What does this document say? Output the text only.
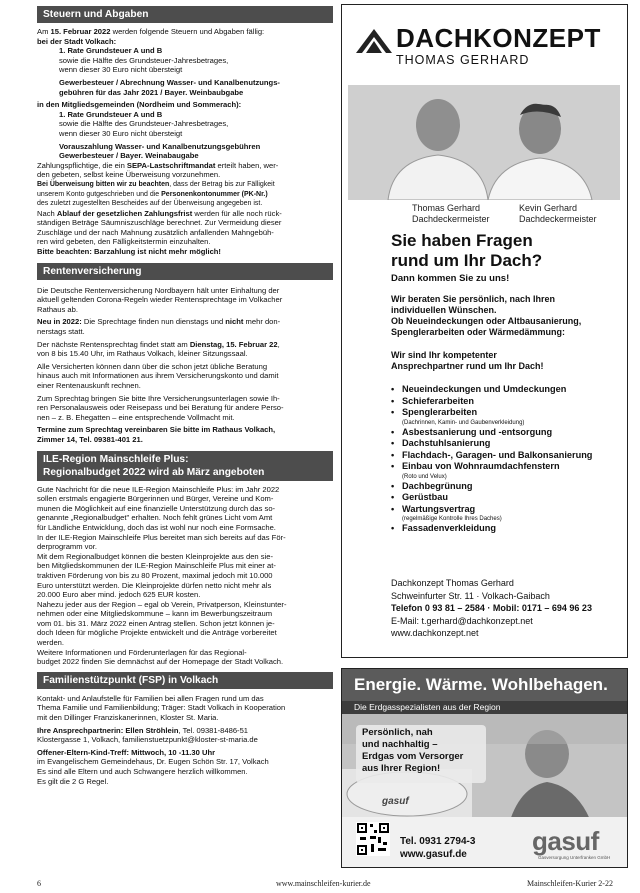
Steuern und Abgaben

Am 15. Februar 2022 werden folgende Steuern und Abgaben fällig:

bei der Stadt Volkach:

1. Rate Grundsteuer A und B

sowie die Hälfte des Grundsteuer-Jahresbetrages,

wenn dieser 30 Euro nicht übersteigt

Gewerbesteuer / Abrechnung Wasser- und Kanalbenutzungs-

gebühren für das Jahr 2021 / Bayer. Weinbaubgabe

in den Mitgliedsgemeinden (Nordheim und Sommerach):

1. Rate Grundsteuer A und B

sowie die Hälfte des Grundsteuer-Jahresbetrages,

wenn dieser 30 Euro nicht übersteigt

Vorauszahlung Wasser- und Kanalbenutzungsgebühren

Gewerbesteuer / Bayer. Weinabaugabe

Zahlungspflichtige, die ein SEPA-Lastschriftmandat erteilt haben, wer-

den gebeten, selbst keine Überweisung vorzunehmen.

Bei Überweisung bitten wir zu beachten, dass der Betrag bis zur Fälligkeit

unserem Konto gutgeschrieben und die Personenkontonummer (PK-Nr.)

des zuletzt zugestellten Bescheides auf der Überweisung angegeben ist.

Nach Ablauf der gesetzlichen Zahlungsfrist werden für alle noch rück-

ständigen Beträge Säumniszuschläge berechnet. Zur Vermeidung dieser

Zuschläge und der nach Mahnung zusätzlich anfallenden Mahngebüh-

ren wird gebeten, den Fälligkeitstermin einzuhalten.

Bitte beachten: Barzahlung ist nicht mehr möglich!

Rentenversicherung

Die Deutsche Rentenversicherung Nordbayern hält unter Einhaltung der

aktuell geltenden Corona-Regeln wieder Rentensprechtage im Volkacher

Rathaus ab.

Neu in 2022: Die Sprechtage finden nun dienstags und nicht mehr don-

nerstags statt.

Der nächste Rentensprechtag findet statt am Dienstag, 15. Februar 22,

von 8 bis 15.40 Uhr, im Rathaus Volkach, kleiner Sitzungssaal.

Alle Versicherten können dann über die schon jetzt übliche Beratung

hinaus auch mit Informationen aus ihrem Versicherungskonto und damit

einer Rentenauskunft rechnen.

Zum Sprechtag bringen Sie bitte Ihre Versicherungsunterlagen sowie Ih-

ren Personalausweis oder Reisepass und bei Beratung für andere Perso-

nen – z. B. Ehegatten – eine entsprechende Vollmacht mit.

Termine zum Sprechtag vereinbaren Sie bitte im Rathaus Volkach,

Zimmer 14, Tel. 09381-401 21.

ILE-Region Mainschleife Plus:
Regionalbudget 2022 wird ab März angeboten

Gute Nachricht für die neue ILE-Region Mainschleife Plus: im Jahr 2022

sollen erstmals engagierte Bürgerinnen und Bürger, Vereine und Kom-

munen die Möglichkeit auf eine finanzielle Unterstützung durch das so-

genannte „Regionalbudget" erhalten. Noch fehlt grünes Licht vom Amt

für Ländliche Entwicklung, doch das ist wohl nur noch eine Formsache.

In der ILE-Region Mainschleife Plus bereitet man sich bereits auf das För-

derprogramm vor.

Mit dem Regionalbudget können die besten Kleinprojekte aus den sie-

ben Mitgliedskommunen der ILE-Region Mainschleife Plus mit einer at-

traktiven Förderung von bis zu 80 Prozent, maximal jedoch mit 10.000

Euro unterstützt werden. Die Kleinprojekte dürfen netto nicht mehr als

20.000 Euro aber mind. jedoch 625 EUR kosten.

Nahezu jeder aus der Region – egal ob Verein, Privatperson, Kleinstunter-

nehmen oder eine Mitgliedskommune – kann im Bewerbungszeitraum

vom 01. bis 31. März 2022 einen Antrag stellen. Schon jetzt können je-

doch Ideen für mögliche Projekte entwickelt und die Anträge vorbereitet

werden.

Weitere Informationen und Förderunterlagen für das Regional-

budget 2022 finden Sie demnächst auf der Homepage der Stadt Volkach.

Familienstützpunkt (FSP) in Volkach

Kontakt- und Anlaufstelle für Familien bei allen Fragen rund um das

Thema Familie und Familienbildung; Träger: Stadt Volkach in Kooperation

mit den Dillinger Franziskanerinnen, Kloster St. Maria.

Ihre Ansprechpartnerin: Ellen Ströhlein, Tel. 09381-8486-51

Klostergasse 1, Volkach, familienstuetzpunkt@kloster-st-maria.de

Offener-Eltern-Kind-Treff: Mittwoch, 10 -11.30 Uhr

im Evangelischem Gemeindehaus, Dr. Eugen Schön Str. 17, Volkach

Es sind alle Eltern und auch Schwangere herzlich willkommen.

Es gilt die 2 G Regel.

DACHKONZEPT
THOMAS GERHARD
Thomas Gerhard
Dachdeckermeister
Kevin Gerhard
Dachdeckermeister
Sie haben Fragen
rund um Ihr Dach?
Dann kommen Sie zu uns!
Wir beraten Sie persönlich, nach Ihren
individuellen Wünschen.
Ob Neueindeckungen oder Altbausanierung,
Spenglerarbeiten oder Wärmedämmung:
Wir sind Ihr kompetenter
Ansprechpartner rund um Ihr Dach!
• Neueindeckungen und Umdeckungen
• Schieferarbeiten
• Spenglerarbeiten
(Dachrinnen, Kamin- und Gaubenverkleidung)
• Asbestsanierung und -entsorgung
• Dachstuhlsanierung
• Flachdach-, Garagen- und Balkonsanierung
• Einbau von Wohnraumdachfenstern
(Roto und Velux)
• Dachbegrünung
• Gerüstbau
• Wartungsvertrag
(regelmäßige Kontrolle Ihres Daches)
• Fassadenverkleidung
Dachkonzept Thomas Gerhard
Schweinfurter Str. 11 · Volkach-Gaibach
Telefon 0 93 81 – 2584 · Mobil: 0171 – 694 96 23
E-Mail: t.gerhard@dachkonzept.net
www.dachkonzept.net
Energie. Wärme. Wohlbehagen.
Die Erdgasspezialisten aus der Region
Persönlich, nah
und nachhaltig –
Erdgas vom Versorger
aus Ihrer Region!
gasuf
Tel. 0931 2794-3
www.gasuf.de	gasuf
Gasversorgung Unterfranken GmbH
6	www.mainschleifen-kurier.de	Mainschleifen-Kurier 2-22
